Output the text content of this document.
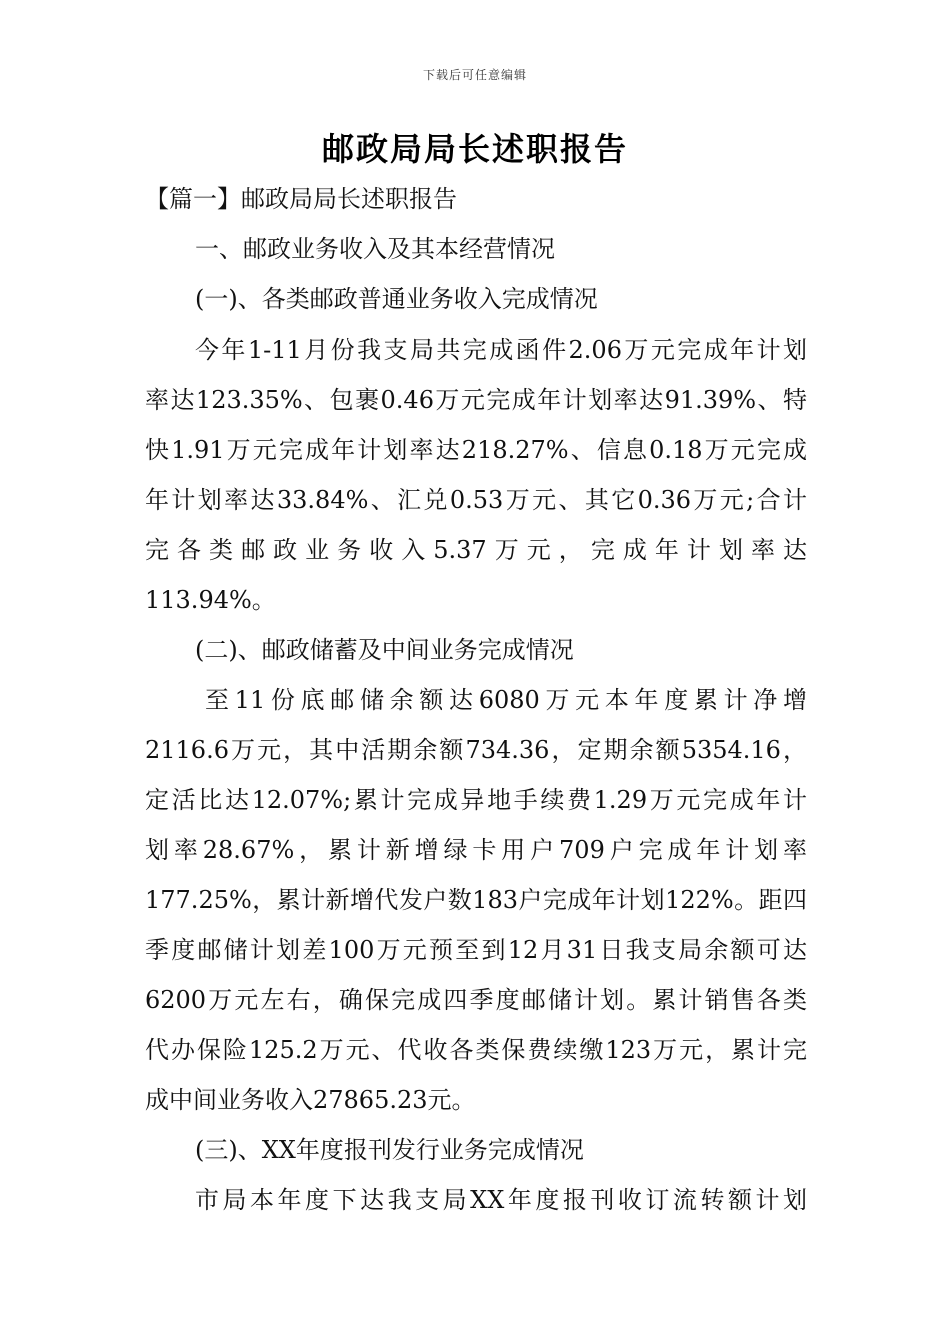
下载后可任意编辑
邮政局局长述职报告
【篇一】邮政局局长述职报告
一、邮政业务收入及其本经营情况
(一)、各类邮政普通业务收入完成情况
今年1-11月份我支局共完成函件2.06万元完成年计划
率达123.35%、包裹0.46万元完成年计划率达91.39%、特
快1.91万元完成年计划率达218.27%、信息0.18万元完成
年计划率达33.84%、汇兑0.53万元、其它0.36万元;合计
完各类邮政业务收入5.37万元，完成年计划率达
113.94%。
(二)、邮政储蓄及中间业务完成情况
至11份底邮储余额达6080万元本年度累计净增
2116.6万元，其中活期余额734.36，定期余额5354.16，
定活比达12.07%;累计完成异地手续费1.29万元完成年计
划率28.67%，累计新增绿卡用户709户完成年计划率
177.25%，累计新增代发户数183户完成年计划122%。距四
季度邮储计划差100万元预至到12月31日我支局余额可达
6200万元左右，确保完成四季度邮储计划。累计销售各类
代办保险125.2万元、代收各类保费续缴123万元，累计完
成中间业务收入27865.23元。
(三)、XX年度报刊发行业务完成情况
市局本年度下达我支局XX年度报刊收订流转额计划
